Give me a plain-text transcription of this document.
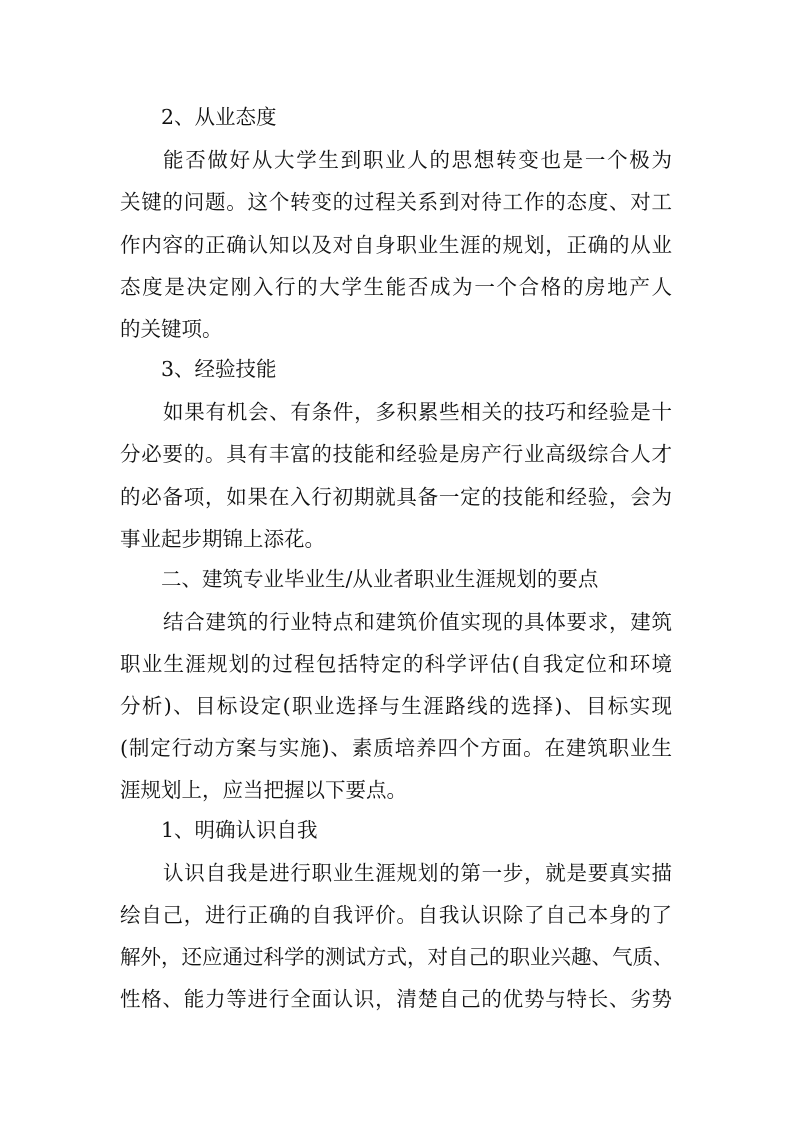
2、从业态度
能否做好从大学生到职业人的思想转变也是一个极为
关键的问题。这个转变的过程关系到对待工作的态度、对工
作内容的正确认知以及对自身职业生涯的规划，正确的从业
态度是决定刚入行的大学生能否成为一个合格的房地产人
的关键项。
3、经验技能
如果有机会、有条件，多积累些相关的技巧和经验是十
分必要的。具有丰富的技能和经验是房产行业高级综合人才
的必备项，如果在入行初期就具备一定的技能和经验，会为
事业起步期锦上添花。
二、建筑专业毕业生/从业者职业生涯规划的要点
结合建筑的行业特点和建筑价值实现的具体要求，建筑
职业生涯规划的过程包括特定的科学评估(自我定位和环境
分析)、目标设定(职业选择与生涯路线的选择)、目标实现
(制定行动方案与实施)、素质培养四个方面。在建筑职业生
涯规划上，应当把握以下要点。
1、明确认识自我
认识自我是进行职业生涯规划的第一步，就是要真实描
绘自己，进行正确的自我评价。自我认识除了自己本身的了
解外，还应通过科学的测试方式，对自己的职业兴趣、气质、
性格、能力等进行全面认识，清楚自己的优势与特长、劣势
